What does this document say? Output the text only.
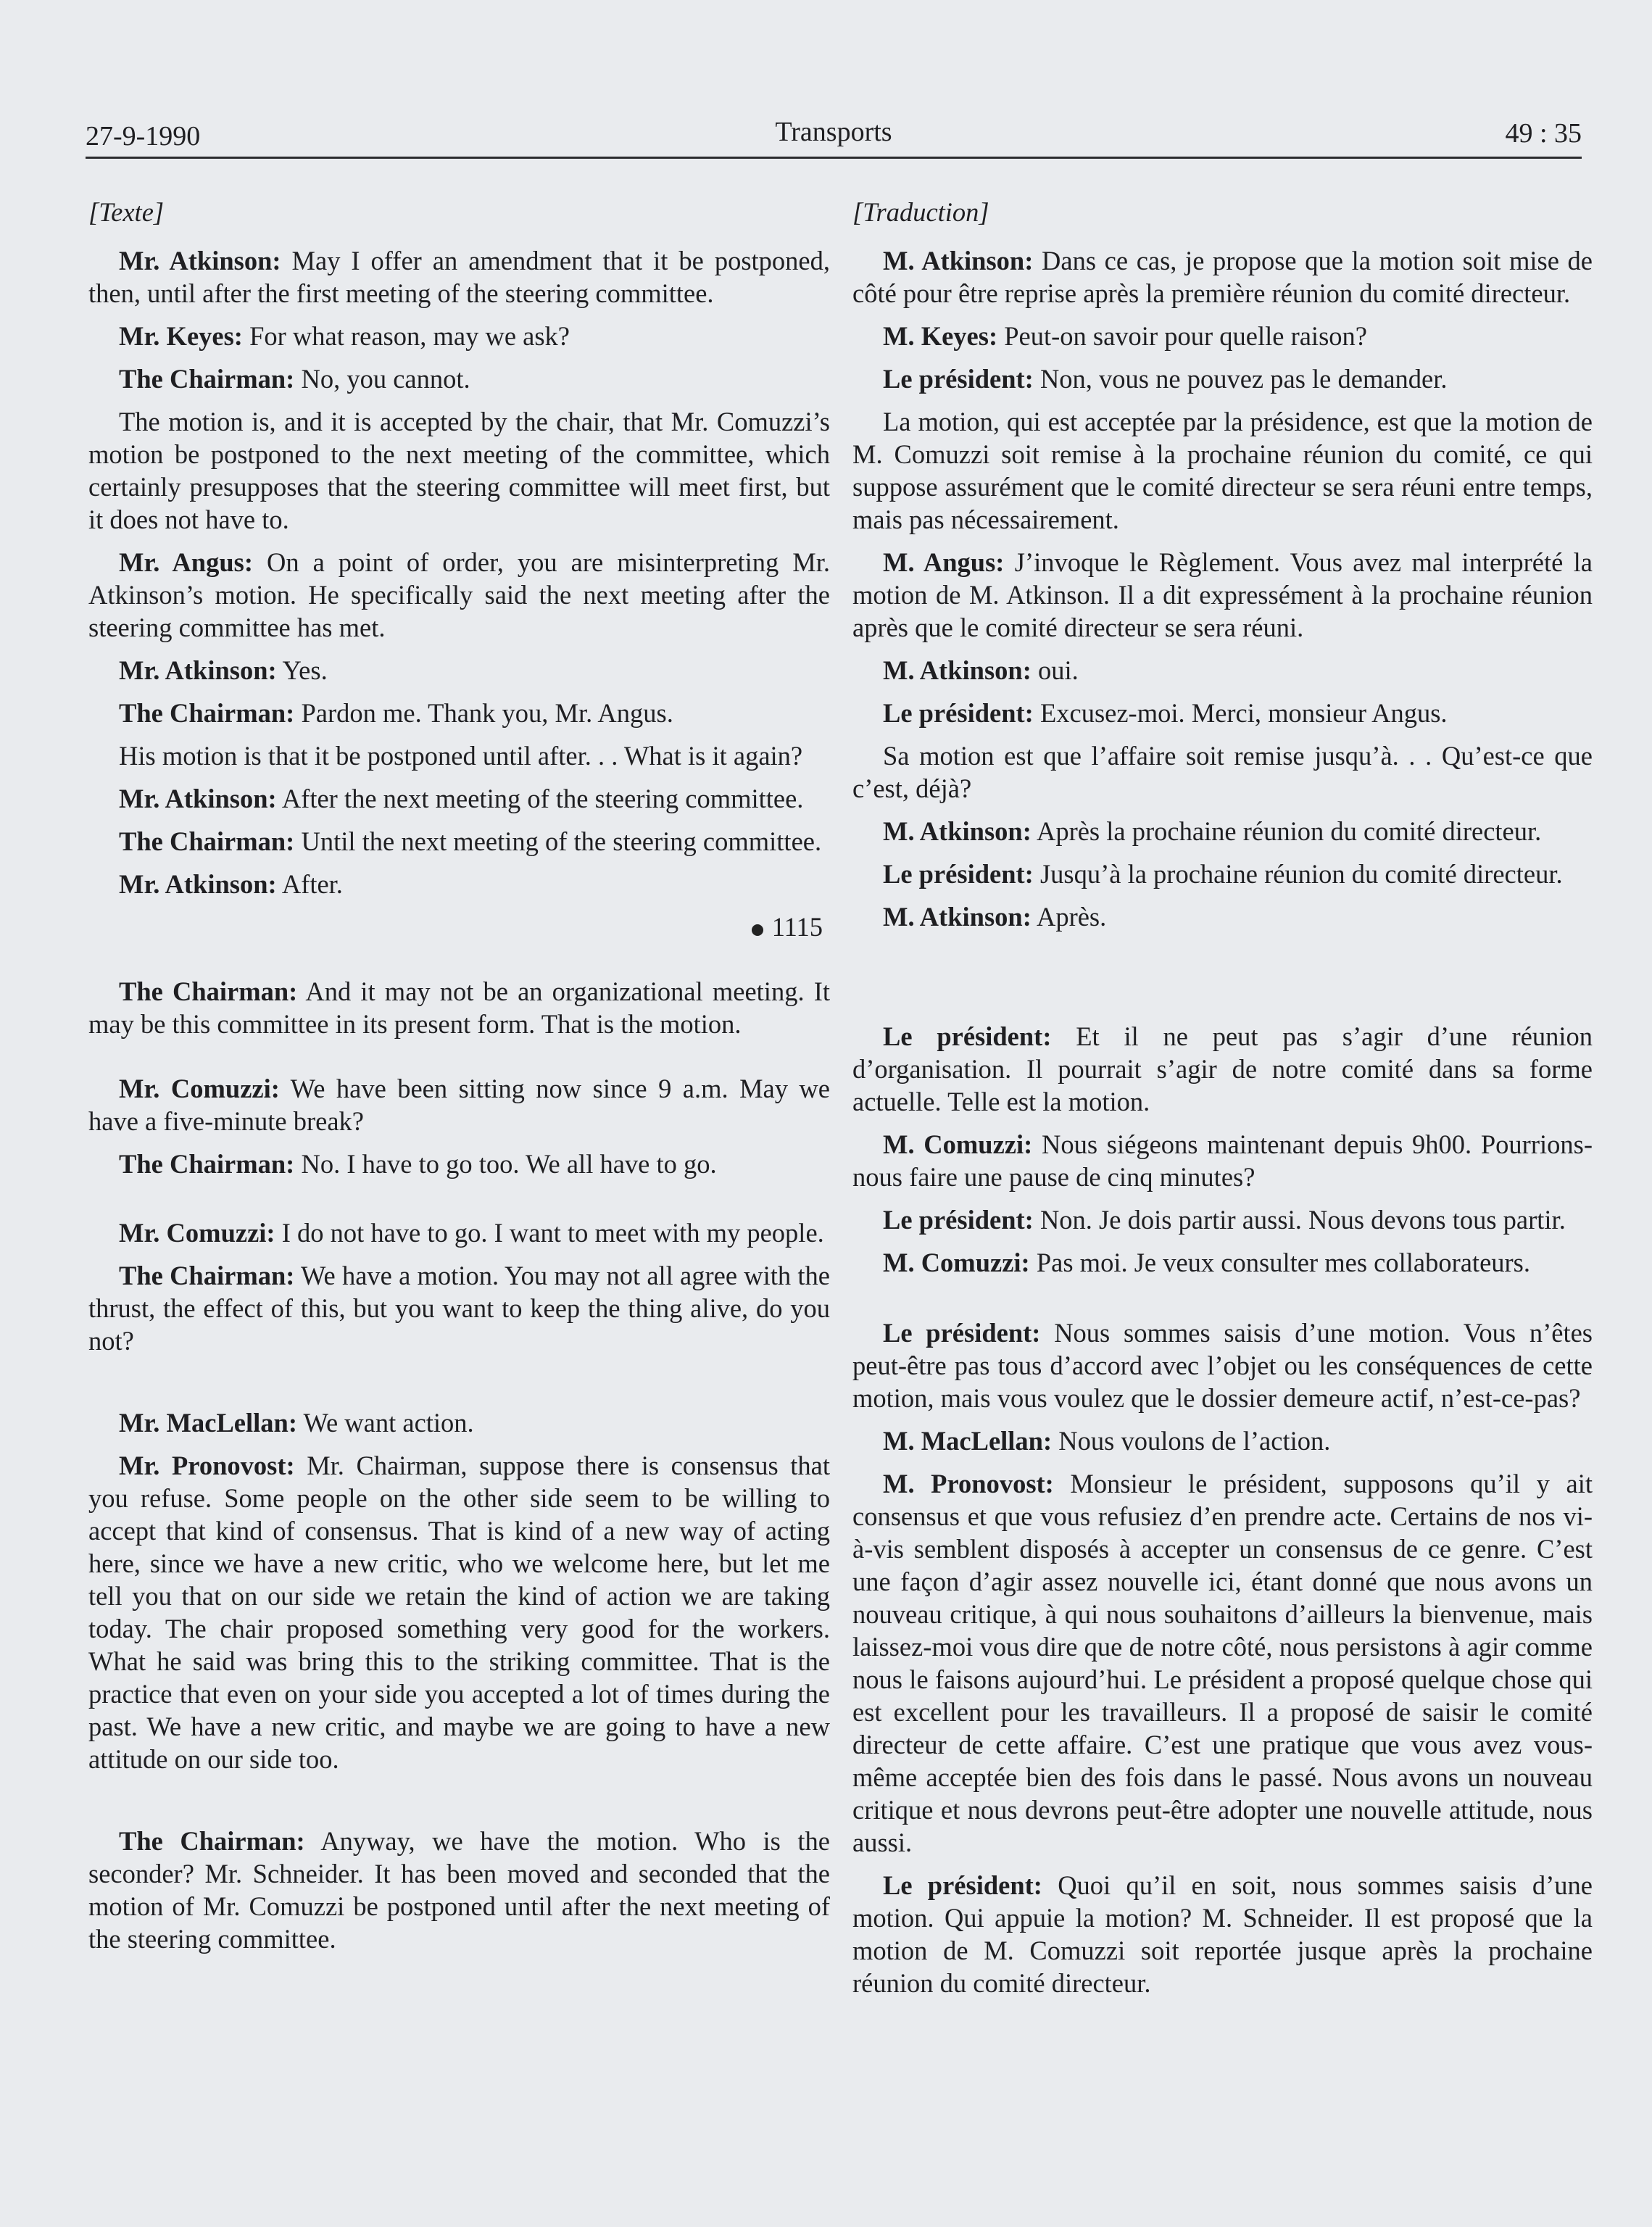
27-9-1990	Transports	49 : 35
[Texte]

Mr. Atkinson: May I offer an amendment that it be postponed, then, until after the first meeting of the steering committee.

Mr. Keyes: For what reason, may we ask?

The Chairman: No, you cannot.

The motion is, and it is accepted by the chair, that Mr. Comuzzi’s motion be postponed to the next meeting of the committee, which certainly presupposes that the steering committee will meet first, but it does not have to.

Mr. Angus: On a point of order, you are misinterpreting Mr. Atkinson’s motion. He specifically said the next meeting after the steering committee has met.

Mr. Atkinson: Yes.

The Chairman: Pardon me. Thank you, Mr. Angus.

His motion is that it be postponed until after. . . What is it again?

Mr. Atkinson: After the next meeting of the steering committee.

The Chairman: Until the next meeting of the steering committee.

Mr. Atkinson: After.

1115

The Chairman: And it may not be an organizational meeting. It may be this committee in its present form. That is the motion.

Mr. Comuzzi: We have been sitting now since 9 a.m. May we have a five-minute break?

The Chairman: No. I have to go too. We all have to go.

Mr. Comuzzi: I do not have to go. I want to meet with my people.

The Chairman: We have a motion. You may not all agree with the thrust, the effect of this, but you want to keep the thing alive, do you not?

Mr. MacLellan: We want action.

Mr. Pronovost: Mr. Chairman, suppose there is consensus that you refuse. Some people on the other side seem to be willing to accept that kind of consensus. That is kind of a new way of acting here, since we have a new critic, who we welcome here, but let me tell you that on our side we retain the kind of action we are taking today. The chair proposed something very good for the workers. What he said was bring this to the striking committee. That is the practice that even on your side you accepted a lot of times during the past. We have a new critic, and maybe we are going to have a new attitude on our side too.

The Chairman: Anyway, we have the motion. Who is the seconder? Mr. Schneider. It has been moved and seconded that the motion of Mr. Comuzzi be postponed until after the next meeting of the steering committee.

[Traduction]

M. Atkinson: Dans ce cas, je propose que la motion soit mise de côté pour être reprise après la première réunion du comité directeur.

M. Keyes: Peut-on savoir pour quelle raison?

Le président: Non, vous ne pouvez pas le demander.

La motion, qui est acceptée par la présidence, est que la motion de M. Comuzzi soit remise à la prochaine réunion du comité, ce qui suppose assurément que le comité directeur se sera réuni entre temps, mais pas nécessairement.

M. Angus: J’invoque le Règlement. Vous avez mal interprété la motion de M. Atkinson. Il a dit expressément à la prochaine réunion après que le comité directeur se sera réuni.

M. Atkinson: oui.

Le président: Excusez-moi. Merci, monsieur Angus.

Sa motion est que l’affaire soit remise jusqu’à. . . Qu’est-ce que c’est, déjà?

M. Atkinson: Après la prochaine réunion du comité directeur.

Le président: Jusqu’à la prochaine réunion du comité directeur.

M. Atkinson: Après.

Le président: Et il ne peut pas s’agir d’une réunion d’organisation. Il pourrait s’agir de notre comité dans sa forme actuelle. Telle est la motion.

M. Comuzzi: Nous siégeons maintenant depuis 9h00. Pourrions-nous faire une pause de cinq minutes?

Le président: Non. Je dois partir aussi. Nous devons tous partir.

M. Comuzzi: Pas moi. Je veux consulter mes collaborateurs.

Le président: Nous sommes saisis d’une motion. Vous n’êtes peut-être pas tous d’accord avec l’objet ou les conséquences de cette motion, mais vous voulez que le dossier demeure actif, n’est-ce-pas?

M. MacLellan: Nous voulons de l’action.

M. Pronovost: Monsieur le président, supposons qu’il y ait consensus et que vous refusiez d’en prendre acte. Certains de nos vi-à-vis semblent disposés à accepter un consensus de ce genre. C’est une façon d’agir assez nouvelle ici, étant donné que nous avons un nouveau critique, à qui nous souhaitons d’ailleurs la bienvenue, mais laissez-moi vous dire que de notre côté, nous persistons à agir comme nous le faisons aujourd’hui. Le président a proposé quelque chose qui est excellent pour les travailleurs. Il a proposé de saisir le comité directeur de cette affaire. C’est une pratique que vous avez vous-même acceptée bien des fois dans le passé. Nous avons un nouveau critique et nous devrons peut-être adopter une nouvelle attitude, nous aussi.

Le président: Quoi qu’il en soit, nous sommes saisis d’une motion. Qui appuie la motion? M. Schneider. Il est proposé que la motion de M. Comuzzi soit reportée jusque après la prochaine réunion du comité directeur.
